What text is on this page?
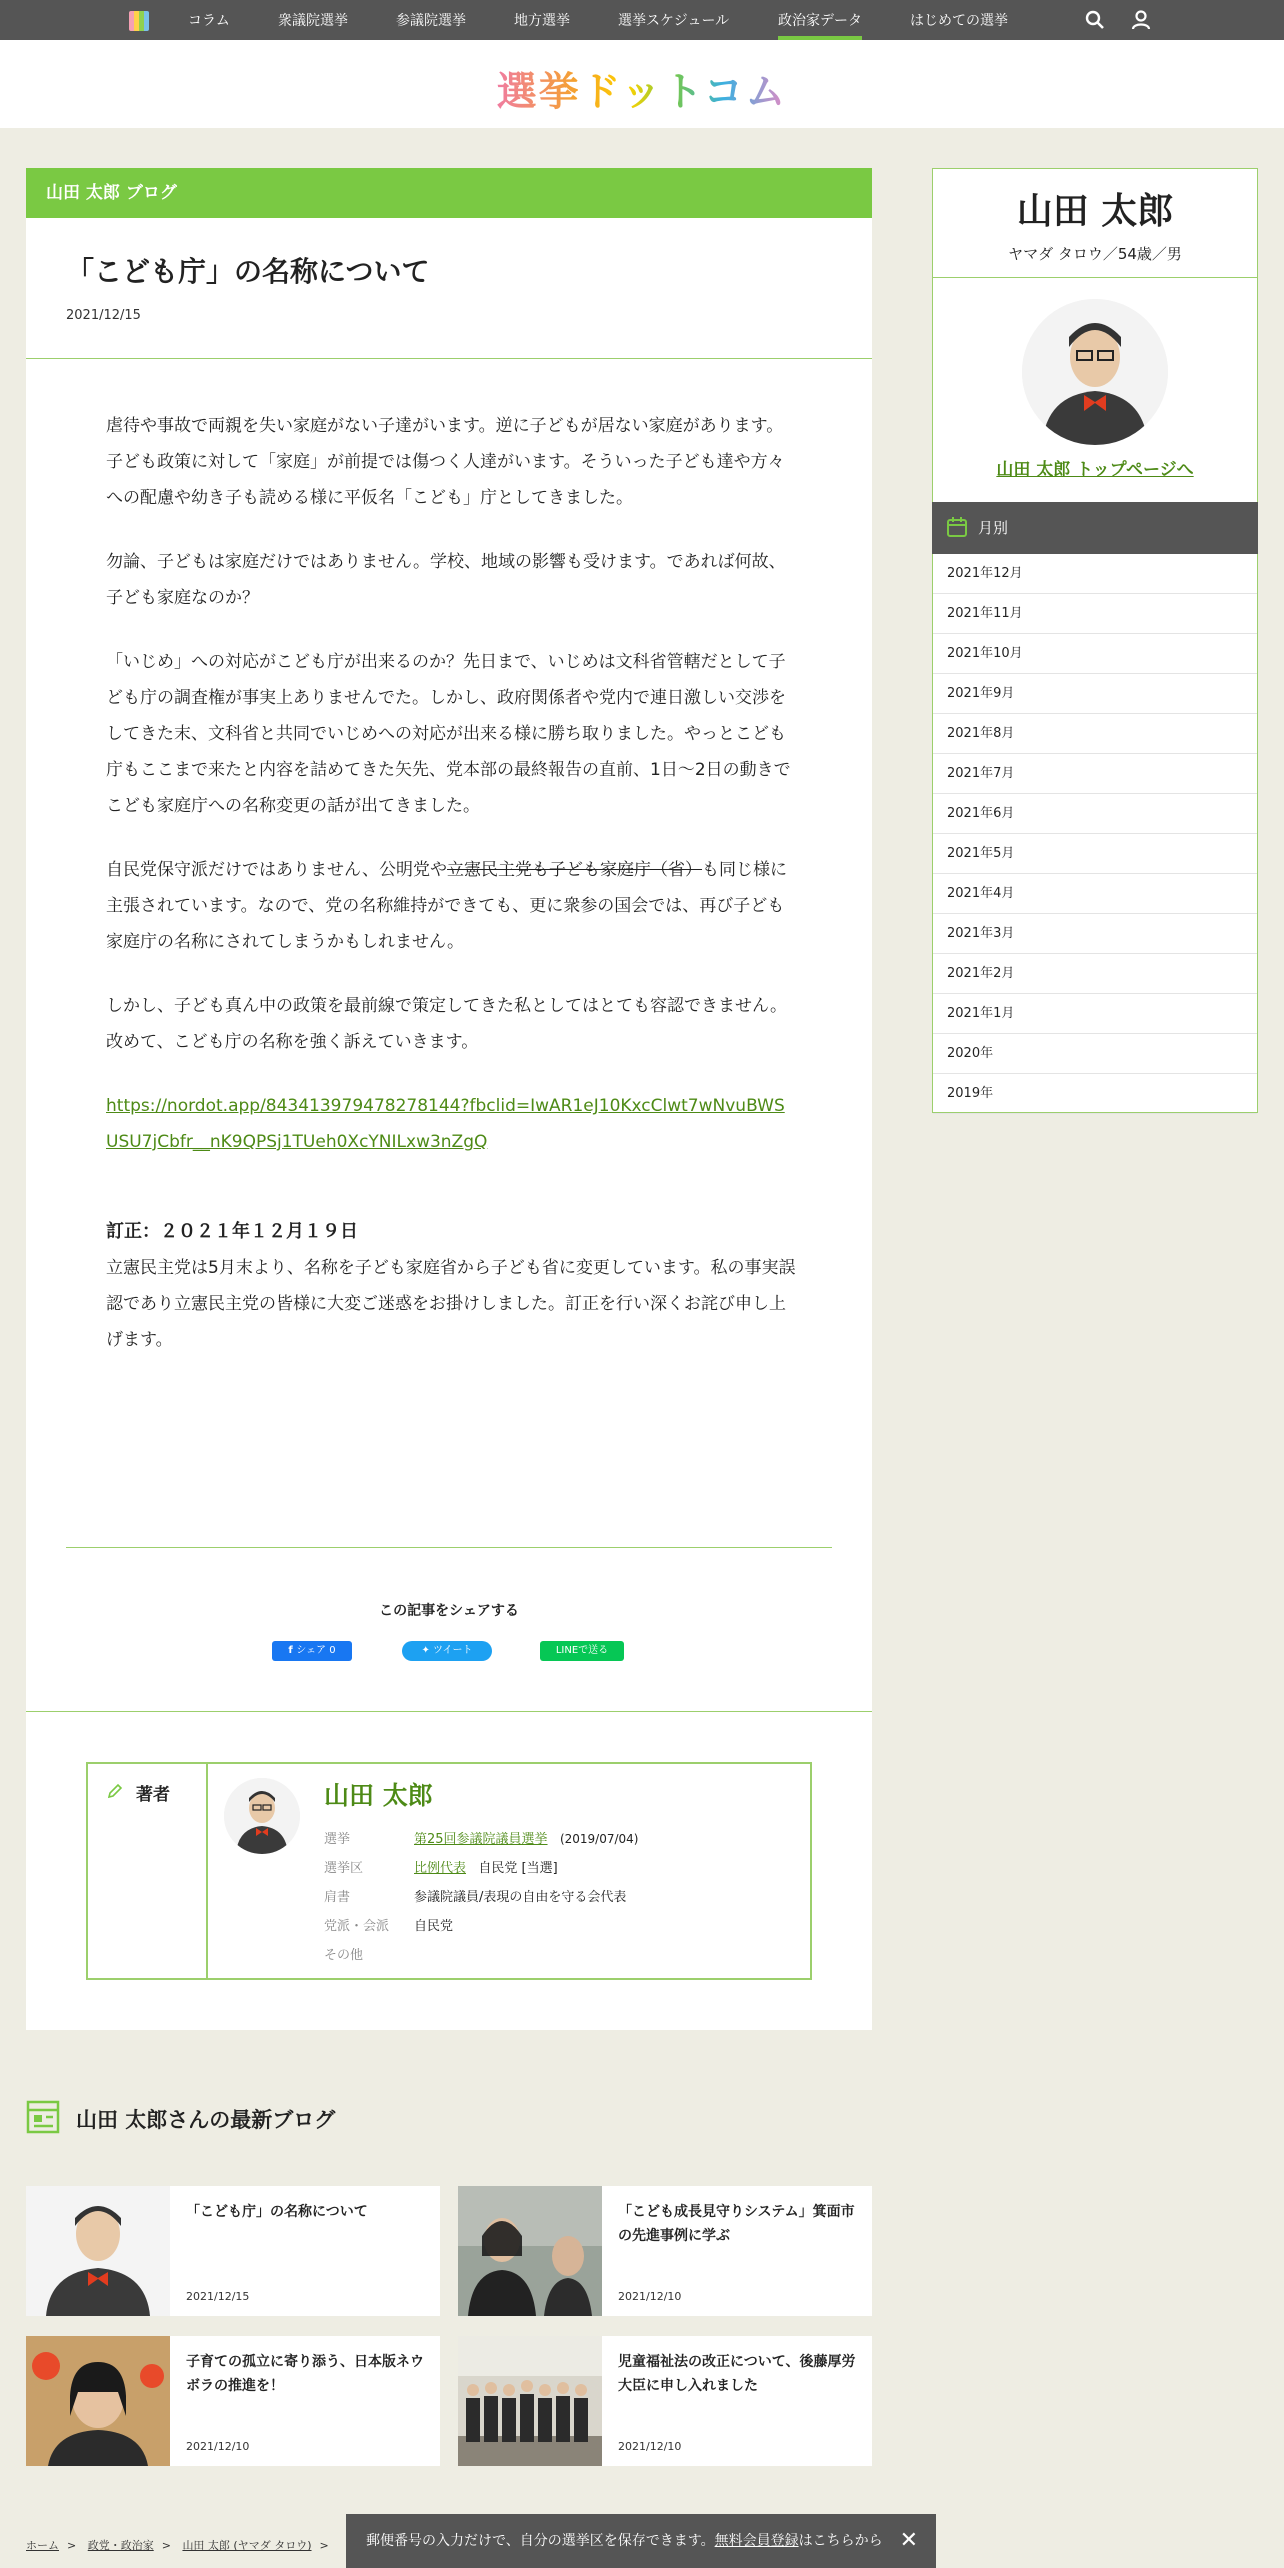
コラム	衆議院選挙	参議院選挙	地方選挙	選挙スケジュール	政治家データ	はじめての選挙
選挙ドットコム
山田 太郎 ブログ
「こども庁」の名称について
2021/12/15

虐待や事故で両親を失い家庭がない子達がいます。逆に子どもが居ない家庭があります。子ども政策に対して「家庭」が前提では傷つく人達がいます。そういった子ども達や方々への配慮や幼き子も読める様に平仮名「こども」庁としてきました。

勿論、子どもは家庭だけではありません。学校、地域の影響も受けます。であれば何故、子ども家庭なのか？

「いじめ」への対応がこども庁が出来るのか？先日まで、いじめは文科省管轄だとして子ども庁の調査権が事実上ありませんでた。しかし、政府関係者や党内で連日激しい交渉をしてきた末、文科省と共同でいじめへの対応が出来る様に勝ち取りました。やっとこども庁もここまで来たと内容を詰めてきた矢先、党本部の最終報告の直前、1日〜2日の動きでこども家庭庁への名称変更の話が出てきました。

自民党保守派だけではありません、公明党や立憲民主党も子ども家庭庁（省）も同じ様に主張されています。なので、党の名称維持ができても、更に衆参の国会では、再び子ども家庭庁の名称にされてしまうかもしれません。

しかし、子ども真ん中の政策を最前線で策定してきた私としてはとても容認できません。改めて、こども庁の名称を強く訴えていきます。

https://nordot.app/843413979478278144?fbclid=IwAR1eJ10KxcClwt7wNvuBWSUSU7jCbfr__nK9QPSj1TUeh0XcYNILxw3nZgQ

訂正：２０２１年１２月１９日
立憲民主党は5月末より、名称を子ども家庭省から子ども省に変更しています。私の事実誤認であり立憲民主党の皆様に大変ご迷惑をお掛けしました。訂正を行い深くお詫び申し上げます。
この記事をシェアする
f シェア 0	✦ ツイート	LINEで送る
著者	山田 太郎
選挙	第25回参議院議員選挙 (2019/07/04)
選挙区	比例代表 自民党 [当選]
肩書	参議院議員/表現の自由を守る会代表
党派・会派	自民党
その他
山田 太郎
ヤマダ タロウ／54歳／男
山田 太郎 トップページへ
月別
2021年12月
2021年11月
2021年10月
2021年9月
2021年8月
2021年7月
2021年6月
2021年5月
2021年4月
2021年3月
2021年2月
2021年1月
2020年
2019年
山田 太郎さんの最新ブログ
「こども庁」の名称について
2021/12/15
「こども成長見守りシステム」箕面市の先進事例に学ぶ
2021/12/10
子育ての孤立に寄り添う、日本版ネウボラの推進を！
2021/12/10
児童福祉法の改正について、後藤厚労大臣に申し入れました
2021/12/10
ホーム > 政党・政治家 > 山田 太郎 (ヤマダ タロウ) >	郵便番号の入力だけで、自分の選挙区を保存できます。無料会員登録はこちらから ✕
